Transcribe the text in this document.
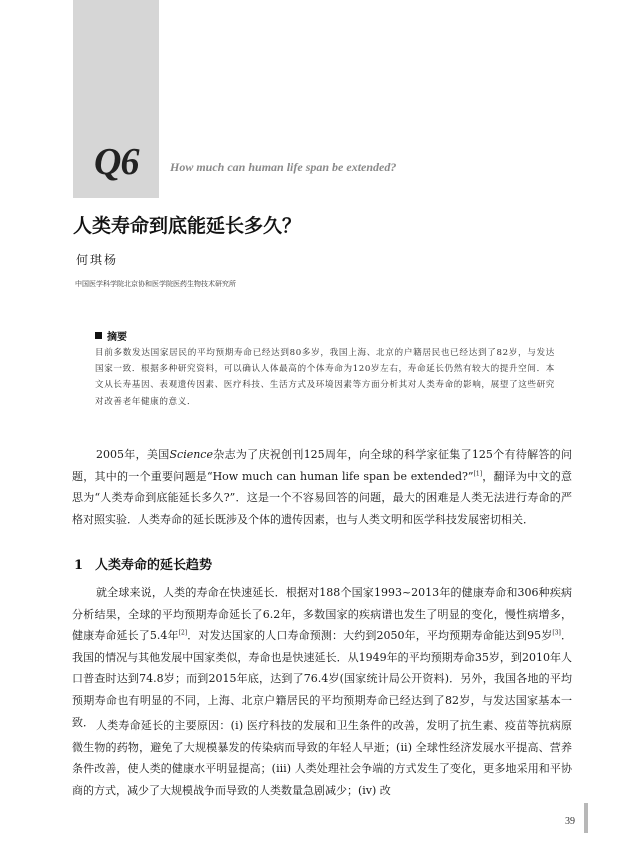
Q6	How much can human life span be extended?
人类寿命到底能延长多久？
何琪杨
中国医学科学院北京协和医学院医药生物技术研究所
摘要

目前多数发达国家居民的平均预期寿命已经达到80多岁，我国上海、北京的户籍居民也已经达到了82岁，与发达国家一致．根据多种研究资料，可以确认人体最高的个体寿命为120岁左右，寿命延长仍然有较大的提升空间．本文从长寿基因、表观遗传因素、医疗科技、生活方式及环境因素等方面分析其对人类寿命的影响，展望了这些研究对改善老年健康的意义．

2005年，美国Science杂志为了庆祝创刊125周年，向全球的科学家征集了125个有待解答的问题，其中的一个重要问题是“How much can human life span be extended?”[1]，翻译为中文的意思为“人类寿命到底能延长多久?”．这是一个不容易回答的问题，最大的困难是人类无法进行寿命的严格对照实验．人类寿命的延长既涉及个体的遗传因素，也与人类文明和医学科技发展密切相关．

1 人类寿命的延长趋势

就全球来说，人类的寿命在快速延长．根据对188个国家1993~2013年的健康寿命和306种疾病分析结果，全球的平均预期寿命延长了6.2年，多数国家的疾病谱也发生了明显的变化，慢性病增多，健康寿命延长了5.4年[2]．对发达国家的人口寿命预测：大约到2050年，平均预期寿命能达到95岁[3]．我国的情况与其他发展中国家类似，寿命也是快速延长．从1949年的平均预期寿命35岁，到2010年人口普查时达到74.8岁；而到2015年底，达到了76.4岁(国家统计局公开资料)．另外，我国各地的平均预期寿命也有明显的不同，上海、北京户籍居民的平均预期寿命已经达到了82岁，与发达国家基本一致． 人类寿命延长的主要原因：(ⅰ) 医疗科技的发展和卫生条件的改善，发明了抗生素、疫苗等抗病原微生物的药物，避免了大规模暴发的传染病而导致的年轻人早逝；(ⅱ) 全球性经济发展水平提高、营养条件改善，使人类的健康水平明显提高；(ⅲ) 人类处理社会争端的方式发生了变化，更多地采用和平协商的方式，减少了大规模战争而导致的人类数量急剧减少；(ⅳ) 改

39
